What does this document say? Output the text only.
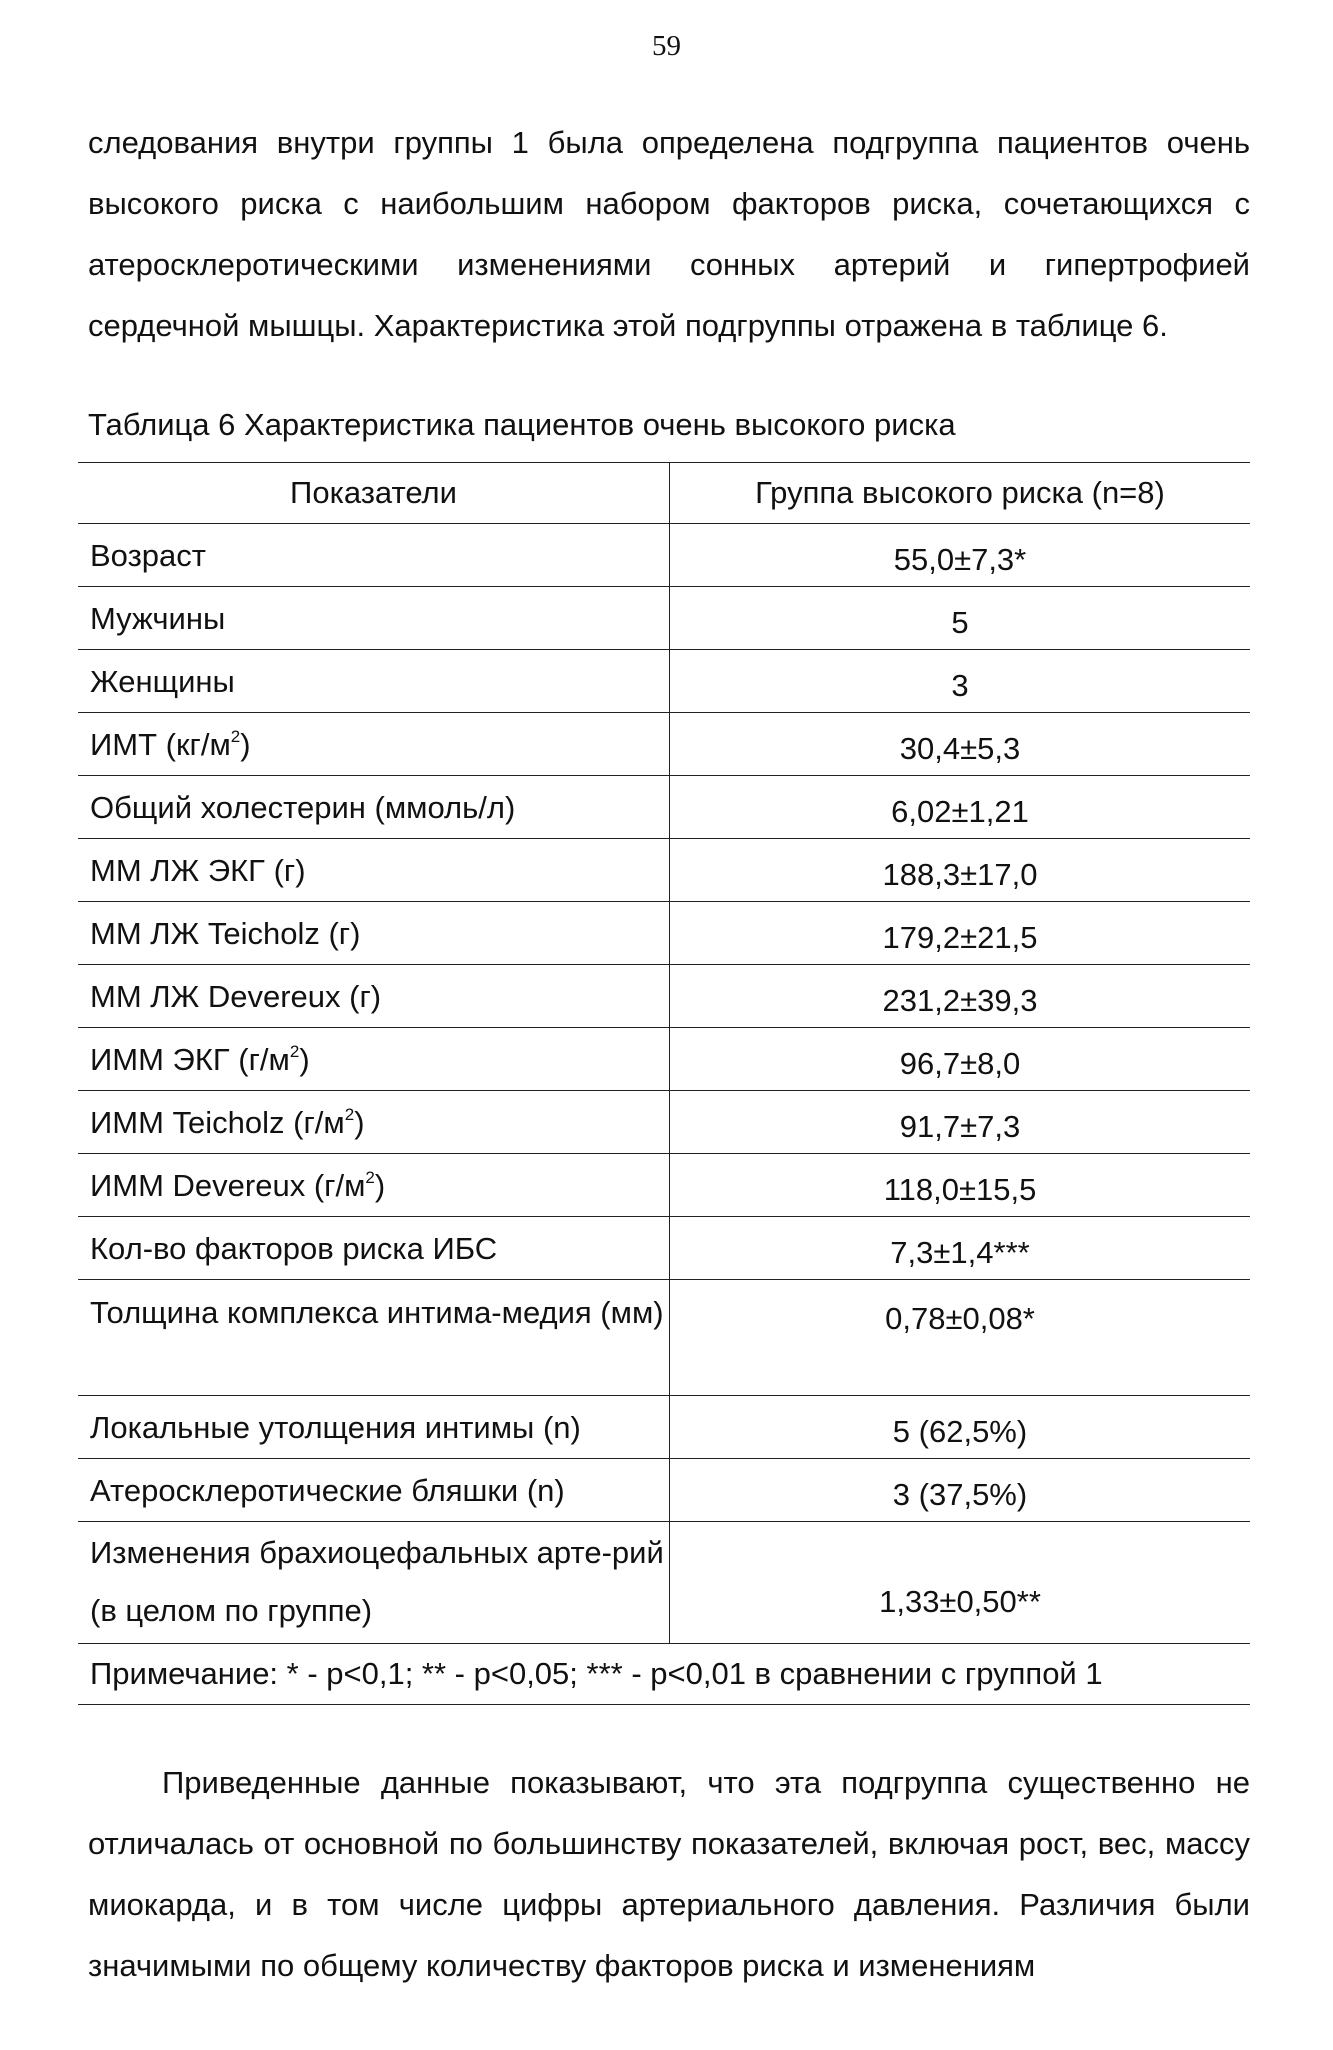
59

следования внутри группы 1 была определена подгруппа пациентов очень высокого риска с наибольшим набором факторов риска, сочетающихся с атеросклеротическими изменениями сонных артерий и гипертрофией сердечной мышцы. Характеристика этой подгруппы отражена в таблице 6.

Таблица 6 Характеристика пациентов очень высокого риска
Показатели	Группа высокого риска (n=8)
Возраст	55,0±7,3*
Мужчины	5
Женщины	3
ИМТ $(кг/м^2)$	30,4±5,3
Общий холестерин (ммоль/л)	6,02±1,21
ММ ЛЖ ЭКГ (г)	188,3±17,0
ММ ЛЖ Teicholz (г)	179,2±21,5
ММ ЛЖ Devereux (г)	231,2±39,3
ИММ ЭКГ $(г/м^2)$	96,7±8,0
ИММ Teicholz $(г/м^2)$	91,7±7,3
ИММ Devereux $(г/м^2)$	118,0±15,5
Кол-во факторов риска ИБС	7,3±1,4***
Толщина комплекса интима-медия (мм)	0,78±0,08*
Локальные утолщения интимы (n)	5 (62,5%)
Атеросклеротические бляшки (n)	3 (37,5%)
Изменения брахиоцефальных арте-рий (в целом по группе)	1,33±0,50**
Примечание: * - p<0,1; ** - p<0,05; *** - p<0,01 в сравнении с группой 1	

Приведенные данные показывают, что эта подгруппа существенно не отличалась от основной по большинству показателей, включая рост, вес, массу миокарда, и в том числе цифры артериального давления. Различия были значимыми по общему количеству факторов риска и изменениям
